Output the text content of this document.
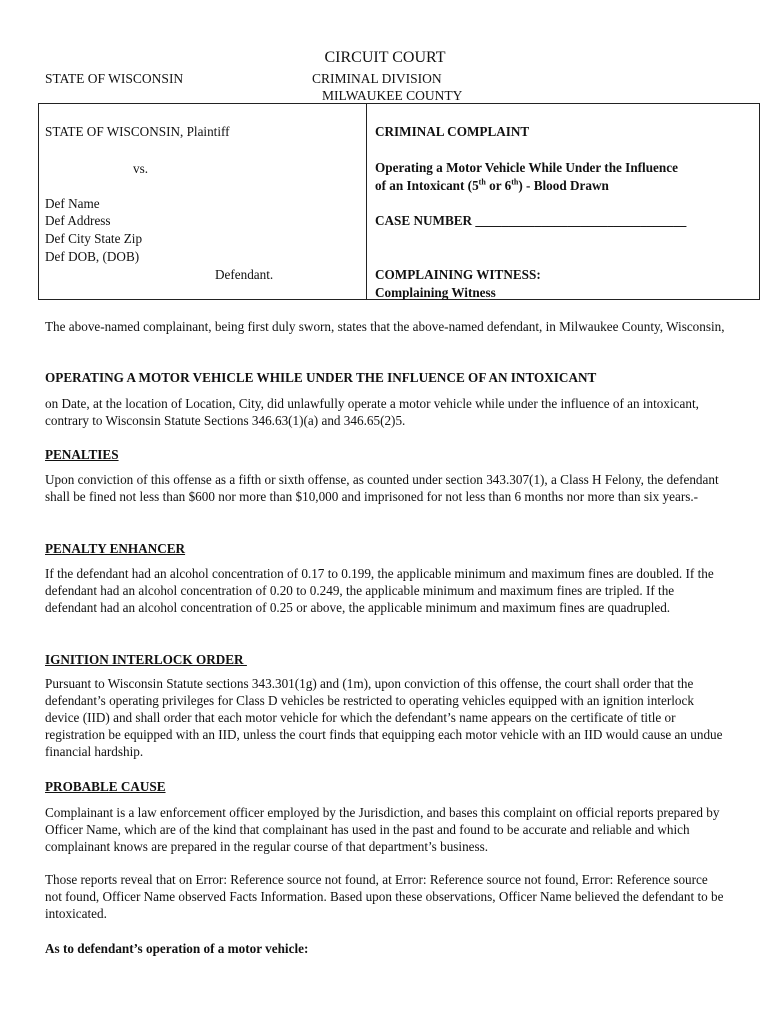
CIRCUIT COURT
STATE OF WISCONSIN	CRIMINAL DIVISION
MILWAUKEE COUNTY
STATE OF WISCONSIN, Plaintiff
vs.
Def Name
Def Address
Def City State Zip
Def DOB, (DOB)
Defendant.
CRIMINAL COMPLAINT
Operating a Motor Vehicle While Under the Influence
of an Intoxicant (5th or 6th) - Blood Drawn
CASE NUMBER ________________________________
COMPLAINING WITNESS:
Complaining Witness
The above-named complainant, being first duly sworn, states that the above-named defendant, in Milwaukee County, Wisconsin,
OPERATING A MOTOR VEHICLE WHILE UNDER THE INFLUENCE OF AN INTOXICANT
on Date, at the location of Location, City, did unlawfully operate a motor vehicle while under the influence of an intoxicant, contrary to Wisconsin Statute Sections 346.63(1)(a) and 346.65(2)5.
PENALTIES
Upon conviction of this offense as a fifth or sixth offense, as counted under section 343.307(1), a Class H Felony, the defendant shall be fined not less than $600 nor more than $10,000 and imprisoned for not less than 6 months nor more than six years.-
PENALTY ENHANCER
If the defendant had an alcohol concentration of 0.17 to 0.199, the applicable minimum and maximum fines are doubled. If the defendant had an alcohol concentration of 0.20 to 0.249, the applicable minimum and maximum fines are tripled. If the defendant had an alcohol concentration of 0.25 or above, the applicable minimum and maximum fines are quadrupled.
IGNITION INTERLOCK ORDER
Pursuant to Wisconsin Statute sections 343.301(1g) and (1m), upon conviction of this offense, the court shall order that the defendant’s operating privileges for Class D vehicles be restricted to operating vehicles equipped with an ignition interlock device (IID) and shall order that each motor vehicle for which the defendant’s name appears on the certificate of title or registration be equipped with an IID, unless the court finds that equipping each motor vehicle with an IID would cause an undue financial hardship.
PROBABLE CAUSE
Complainant is a law enforcement officer employed by the Jurisdiction, and bases this complaint on official reports prepared by Officer Name, which are of the kind that complainant has used in the past and found to be accurate and reliable and which complainant knows are prepared in the regular course of that department’s business.
Those reports reveal that on Error: Reference source not found, at Error: Reference source not found, Error: Reference source not found, Officer Name observed Facts Information. Based upon these observations, Officer Name believed the defendant to be intoxicated.
As to defendant’s operation of a motor vehicle:
